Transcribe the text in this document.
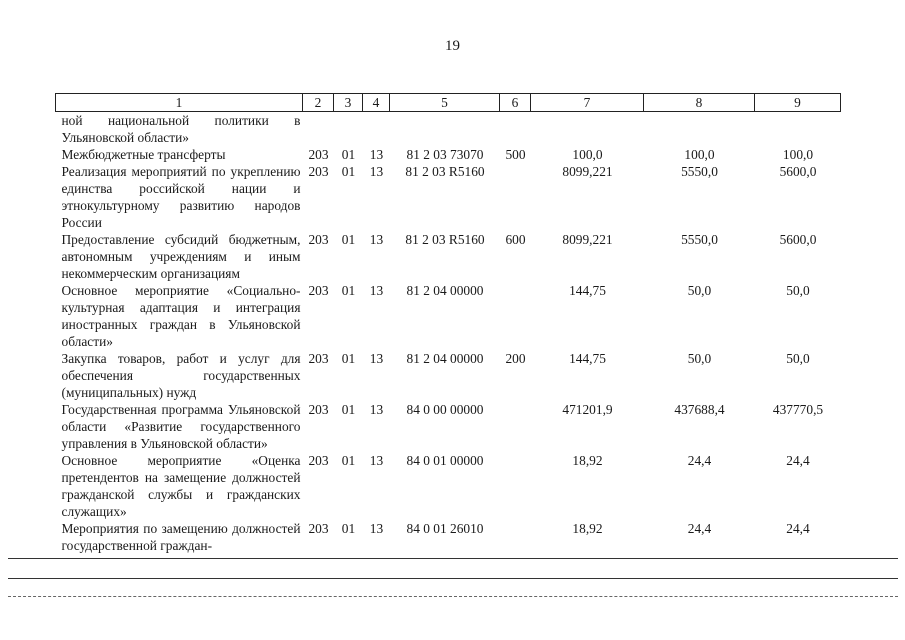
19
1	2	3	4	5	6	7	8	9
ной национальной политики в Ульяновской области»								
Межбюджетные трансферты	203	01	13	81 2 03 73070	500	100,0	100,0	100,0
Реализация мероприятий по укреплению единства российской нации и этнокультурному развитию народов России	203	01	13	81 2 03 R5160		8099,221	5550,0	5600,0
Предоставление субсидий бюджетным, автономным учреждениям и иным некоммерческим организациям	203	01	13	81 2 03 R5160	600	8099,221	5550,0	5600,0
Основное мероприятие «Социально-культурная адаптация и интеграция иностранных граждан в Ульяновской области»	203	01	13	81 2 04 00000		144,75	50,0	50,0
Закупка товаров, работ и услуг для обеспечения государственных (муниципальных) нужд	203	01	13	81 2 04 00000	200	144,75	50,0	50,0
Государственная программа Ульяновской области «Развитие государственного управления в Ульяновской области»	203	01	13	84 0 00 00000		471201,9	437688,4	437770,5
Основное мероприятие «Оценка претендентов на замещение должностей гражданской службы и гражданских служащих»	203	01	13	84 0 01 00000		18,92	24,4	24,4
Мероприятия по замещению должностей государственной граждан-	203	01	13	84 0 01 26010		18,92	24,4	24,4
